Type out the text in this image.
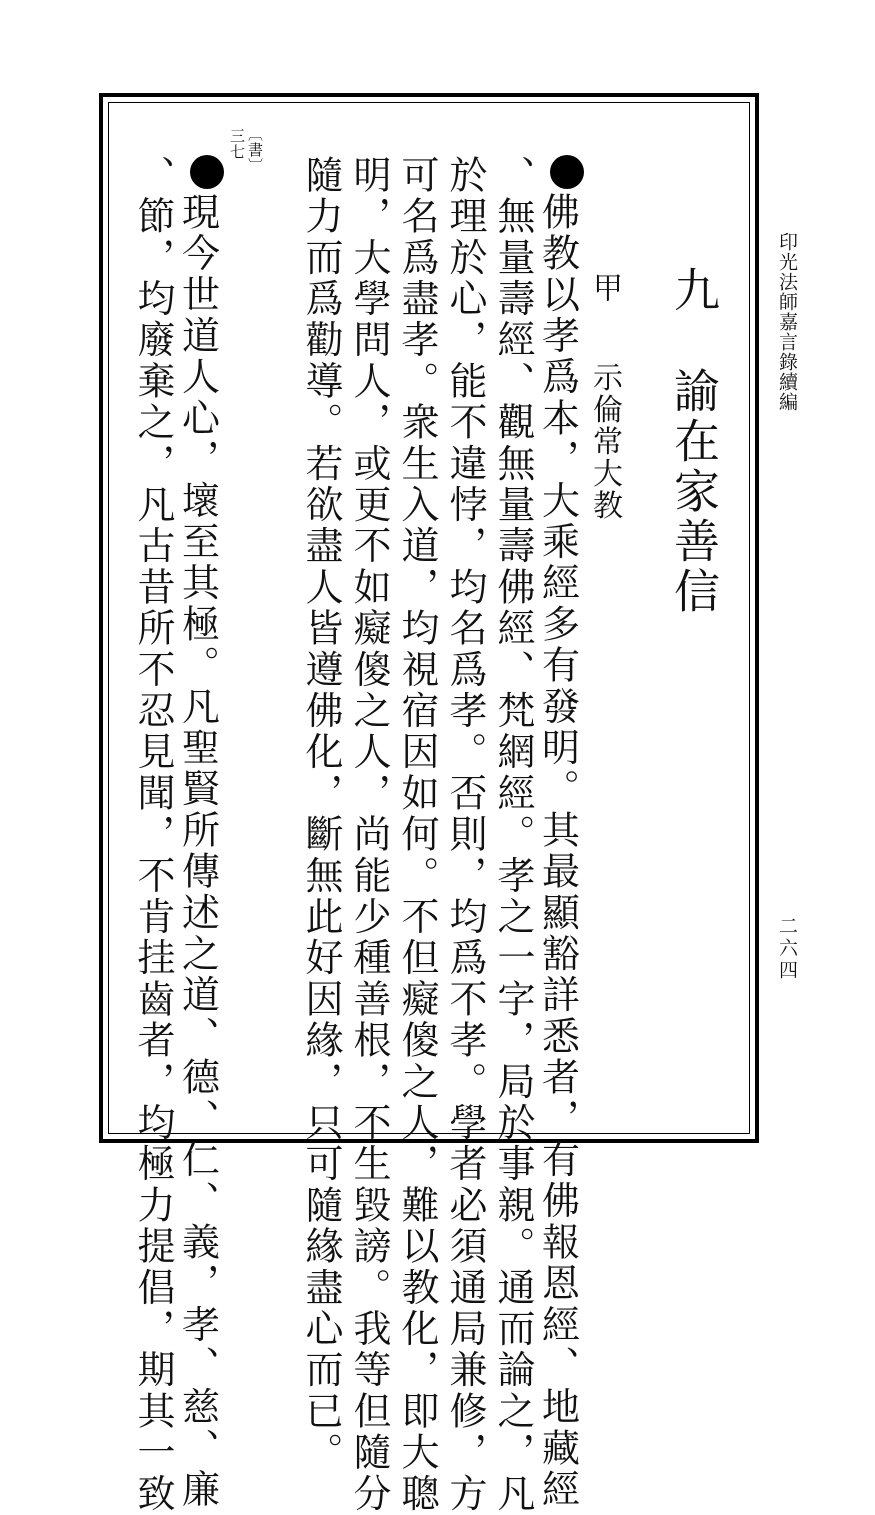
印光法師嘉言錄續編
二六四
九 諭在家善信
甲 示倫常大教
佛教以孝爲本，大乘經多有發明。其最顯豁詳悉者，有佛報恩經、地藏經
、無量壽經、觀無量壽佛經、梵網經。孝之一字，局於事親。通而論之，凡
於理於心，能不違悖，均名爲孝。否則，均爲不孝。學者必須通局兼修，方
可名爲盡孝。衆生入道，均視宿因如何。不但癡傻之人，難以教化，即大聰
明，大學問人，或更不如癡傻之人，尚能少種善根，不生毀謗。我等但隨分
隨力而爲勸導。若欲盡人皆遵佛化，斷無此好因緣，只可隨緣盡心而已。
〔書〕
三七
現今世道人心，壞至其極。凡聖賢所傳述之道、德、仁、義，孝、慈、廉
、節，均廢棄之，凡古昔所不忍見聞，不肯挂齒者，均極力提倡，期其一致
